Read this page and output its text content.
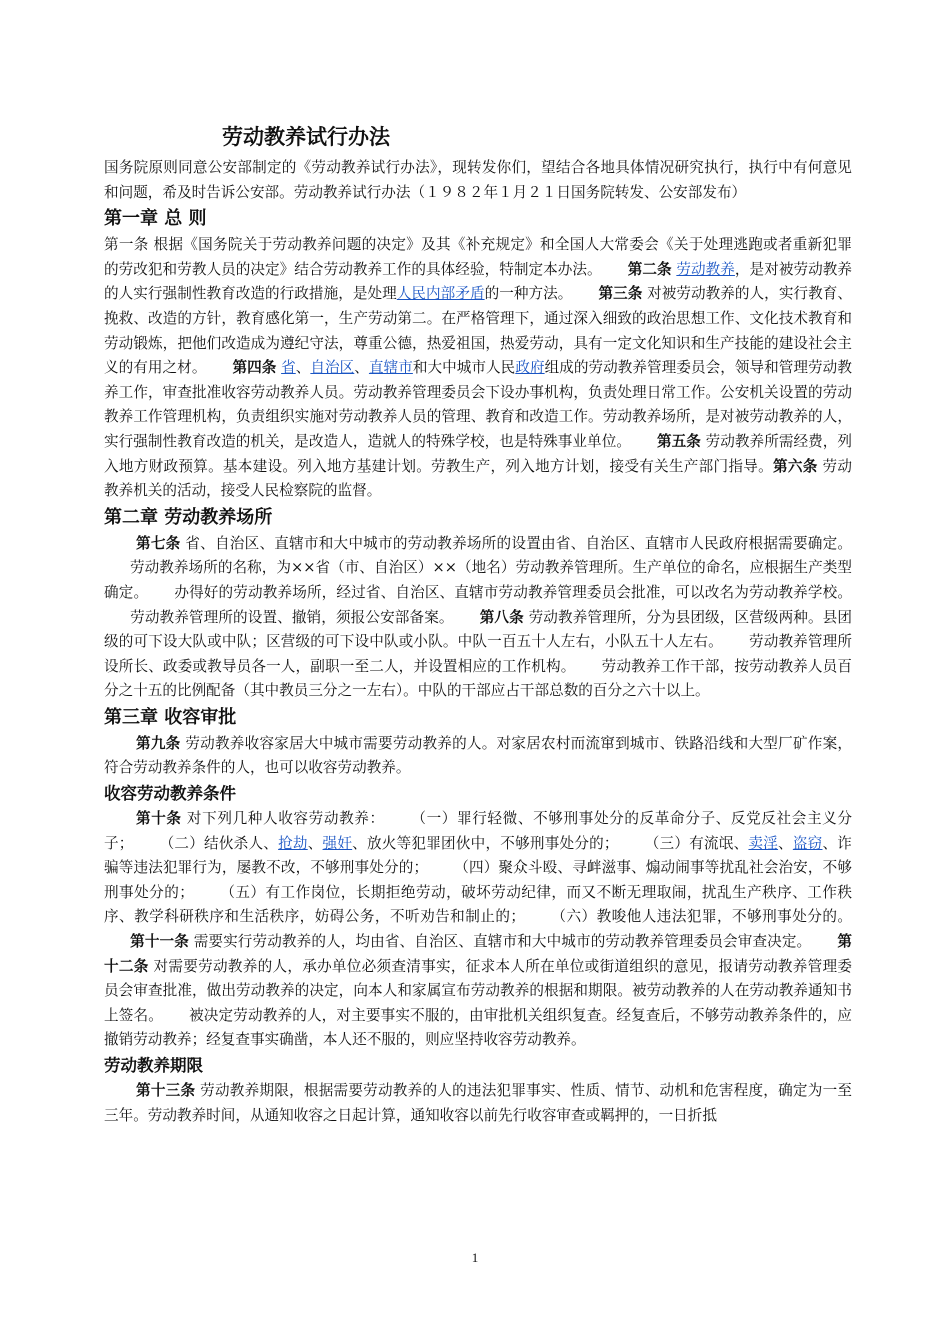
劳动教养试行办法

国务院原则同意公安部制定的《劳动教养试行办法》，现转发你们，望结合各地具体情况研究执行，执行中有何意见和问题，希及时告诉公安部。劳动教养试行办法（１９８２年１月２１日国务院转发、公安部发布）

第一章 总 则

第一条 根据《国务院关于劳动教养问题的决定》及其《补充规定》和全国人大常委会《关于处理逃跑或者重新犯罪的劳改犯和劳教人员的决定》结合劳动教养工作的具体经验，特制定本办法。 第二条 劳动教养，是对被劳动教养的人实行强制性教育改造的行政措施，是处理人民内部矛盾的一种方法。 第三条 对被劳动教养的人，实行教育、挽救、改造的方针，教育感化第一，生产劳动第二。在严格管理下，通过深入细致的政治思想工作、文化技术教育和劳动锻炼，把他们改造成为遵纪守法，尊重公德，热爱祖国，热爱劳动，具有一定文化知识和生产技能的建设社会主义的有用之材。 第四条 省、自治区、直辖市和大中城市人民政府组成的劳动教养管理委员会，领导和管理劳动教养工作，审查批准收容劳动教养人员。劳动教养管理委员会下设办事机构，负责处理日常工作。公安机关设置的劳动教养工作管理机构，负责组织实施对劳动教养人员的管理、教育和改造工作。劳动教养场所，是对被劳动教养的人，实行强制性教育改造的机关，是改造人，造就人的特殊学校，也是特殊事业单位。 第五条 劳动教养所需经费，列入地方财政预算。基本建设。列入地方基建计划。劳教生产，列入地方计划，接受有关生产部门指导。第六条 劳动教养机关的活动，接受人民检察院的监督。

第二章 劳动教养场所

第七条 省、自治区、直辖市和大中城市的劳动教养场所的设置由省、自治区、直辖市人民政府根据需要确定。劳动教养场所的名称，为××省（市、自治区）××（地名）劳动教养管理所。生产单位的命名，应根据生产类型确定。 办得好的劳动教养场所，经过省、自治区、直辖市劳动教养管理委员会批准，可以改名为劳动教养学校。劳动教养管理所的设置、撤销，须报公安部备案。 第八条 劳动教养管理所，分为县团级，区营级两种。县团级的可下设大队或中队；区营级的可下设中队或小队。中队一百五十人左右，小队五十人左右。 劳动教养管理所设所长、政委或教导员各一人，副职一至二人，并设置相应的工作机构。 劳动教养工作干部，按劳动教养人员百分之十五的比例配备（其中教员三分之一左右）。中队的干部应占干部总数的百分之六十以上。

第三章 收容审批

第九条 劳动教养收容家居大中城市需要劳动教养的人。对家居农村而流窜到城市、铁路沿线和大型厂矿作案，符合劳动教养条件的人，也可以收容劳动教养。

收容劳动教养条件

第十条 对下列几种人收容劳动教养： （一）罪行轻微、不够刑事处分的反革命分子、反党反社会主义分子； （二）结伙杀人、抢劫、强奸、放火等犯罪团伙中，不够刑事处分的； （三）有流氓、卖淫、盗窃、诈骗等违法犯罪行为，屡教不改，不够刑事处分的； （四）聚众斗殴、寻衅滋事、煽动闹事等扰乱社会治安，不够刑事处分的； （五）有工作岗位，长期拒绝劳动，破坏劳动纪律，而又不断无理取闹，扰乱生产秩序、工作秩序、教学科研秩序和生活秩序，妨碍公务，不听劝告和制止的； （六）教唆他人违法犯罪，不够刑事处分的。第十一条 需要实行劳动教养的人，均由省、自治区、直辖市和大中城市的劳动教养管理委员会审查决定。 第十二条 对需要劳动教养的人，承办单位必须查清事实，征求本人所在单位或街道组织的意见，报请劳动教养管理委员会审查批准，做出劳动教养的决定，向本人和家属宣布劳动教养的根据和期限。被劳动教养的人在劳动教养通知书上签名。 被决定劳动教养的人，对主要事实不服的，由审批机关组织复查。经复查后，不够劳动教养条件的，应撤销劳动教养；经复查事实确凿，本人还不服的，则应坚持收容劳动教养。

劳动教养期限

第十三条 劳动教养期限，根据需要劳动教养的人的违法犯罪事实、性质、情节、动机和危害程度，确定为一至三年。劳动教养时间，从通知收容之日起计算，通知收容以前先行收容审查或羁押的，一日折抵

1
